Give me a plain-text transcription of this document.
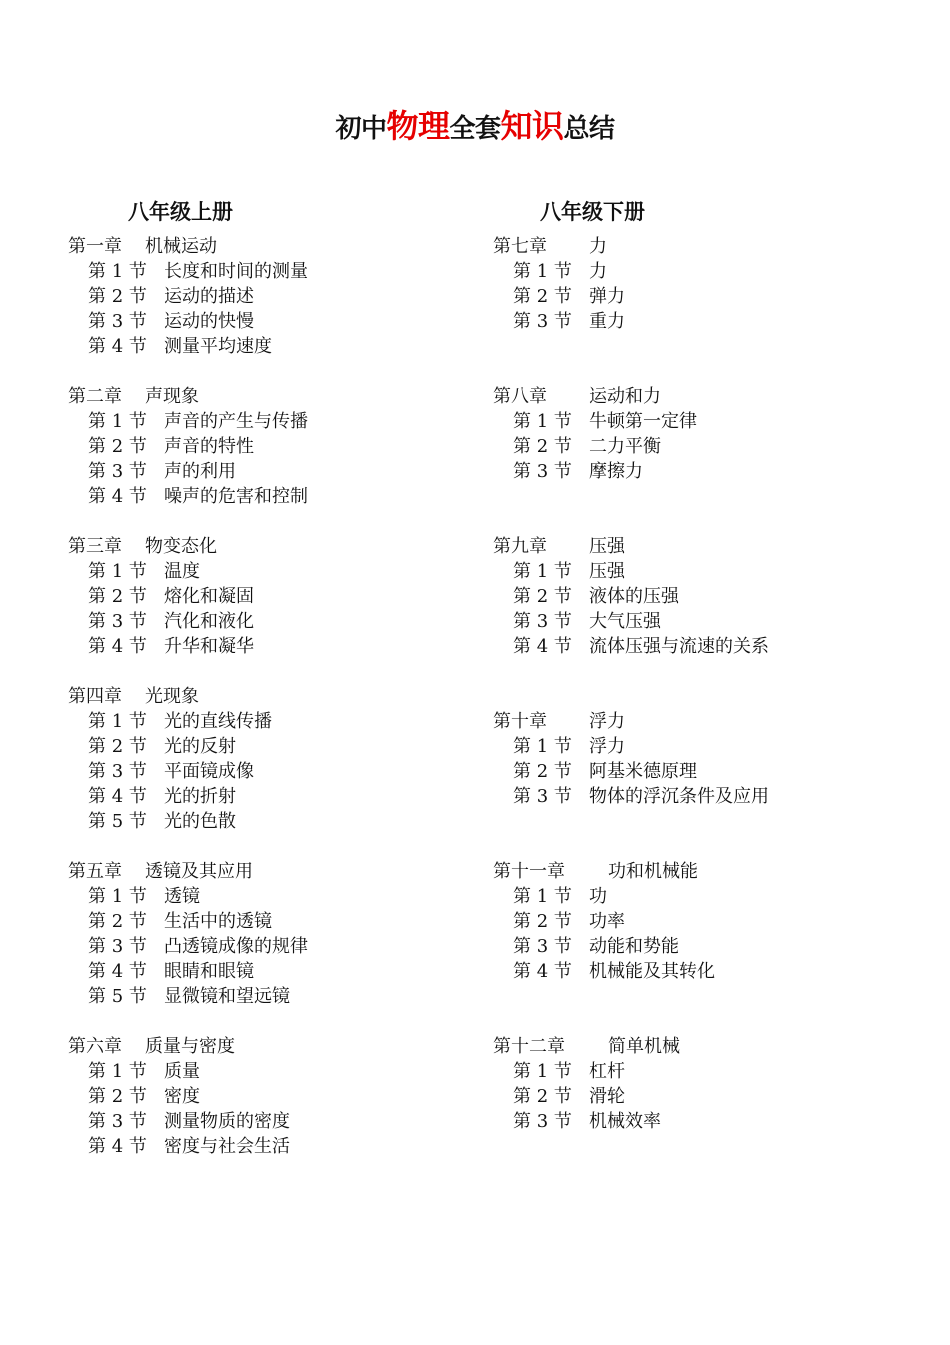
初中物理全套知识总结
八年级上册	八年级下册
第一章 机械运动
第 1 节 长度和时间的测量
第 2 节 运动的描述
第 3 节 运动的快慢
第 4 节 测量平均速度
第二章 声现象
第 1 节 声音的产生与传播
第 2 节 声音的特性
第 3 节 声的利用
第 4 节 噪声的危害和控制
第三章 物变态化
第 1 节 温度
第 2 节 熔化和凝固
第 3 节 汽化和液化
第 4 节 升华和凝华
第四章 光现象
第 1 节 光的直线传播
第 2 节 光的反射
第 3 节 平面镜成像
第 4 节 光的折射
第 5 节 光的色散
第五章 透镜及其应用
第 1 节 透镜
第 2 节 生活中的透镜
第 3 节 凸透镜成像的规律
第 4 节 眼睛和眼镜
第 5 节 显微镜和望远镜
第六章 质量与密度
第 1 节 质量
第 2 节 密度
第 3 节 测量物质的密度
第 4 节 密度与社会生活
第七章 力
第 1 节 力
第 2 节 弹力
第 3 节 重力
第八章 运动和力
第 1 节 牛顿第一定律
第 2 节 二力平衡
第 3 节 摩擦力
第九章 压强
第 1 节 压强
第 2 节 液体的压强
第 3 节 大气压强
第 4 节 流体压强与流速的关系
第十章 浮力
第 1 节 浮力
第 2 节 阿基米德原理
第 3 节 物体的浮沉条件及应用
第十一章 功和机械能
第 1 节 功
第 2 节 功率
第 3 节 动能和势能
第 4 节 机械能及其转化
第十二章 简单机械
第 1 节 杠杆
第 2 节 滑轮
第 3 节 机械效率
